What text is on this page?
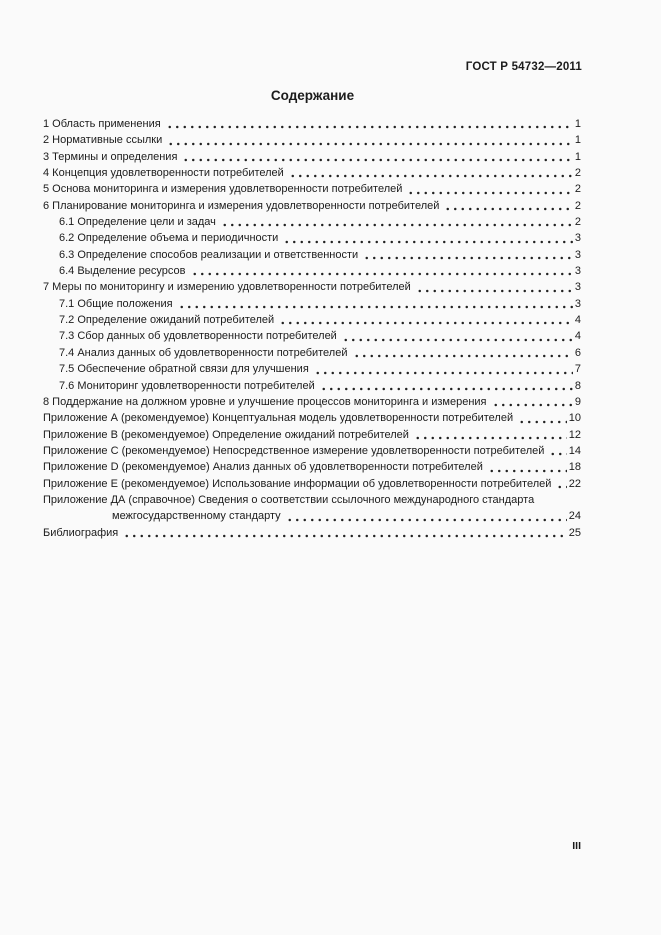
ГОСТ Р 54732—2011
Содержание
1 Область применения	1
2 Нормативные ссылки	1
3 Термины и определения	1
4 Концепция удовлетворенности потребителей	2
5 Основа мониторинга и измерения удовлетворенности потребителей	2
6 Планирование мониторинга и измерения удовлетворенности потребителей	2
6.1 Определение цели и задач	2
6.2 Определение объема и периодичности	3
6.3 Определение способов реализации и ответственности	3
6.4 Выделение ресурсов	3
7 Меры по мониторингу и измерению удовлетворенности потребителей	3
7.1 Общие положения	3
7.2 Определение ожиданий потребителей	4
7.3 Сбор данных об удовлетворенности потребителей	4
7.4 Анализ данных об удовлетворенности потребителей	6
7.5 Обеспечение обратной связи для улучшения	7
7.6 Мониторинг удовлетворенности потребителей	8
8 Поддержание на должном уровне и улучшение процессов мониторинга и измерения	9
Приложение А (рекомендуемое) Концептуальная модель удовлетворенности потребителей	10
Приложение В (рекомендуемое) Определение ожиданий потребителей	12
Приложение С (рекомендуемое) Непосредственное измерение удовлетворенности потребителей 14
Приложение D (рекомендуемое) Анализ данных об удовлетворенности потребителей	18
Приложение Е (рекомендуемое) Использование информации об удовлетворенности потребителей 22
Приложение ДА (справочное) Сведения о соответствии ссылочного международного стандарта
межгосударственному стандарту	24
Библиография	25
III
